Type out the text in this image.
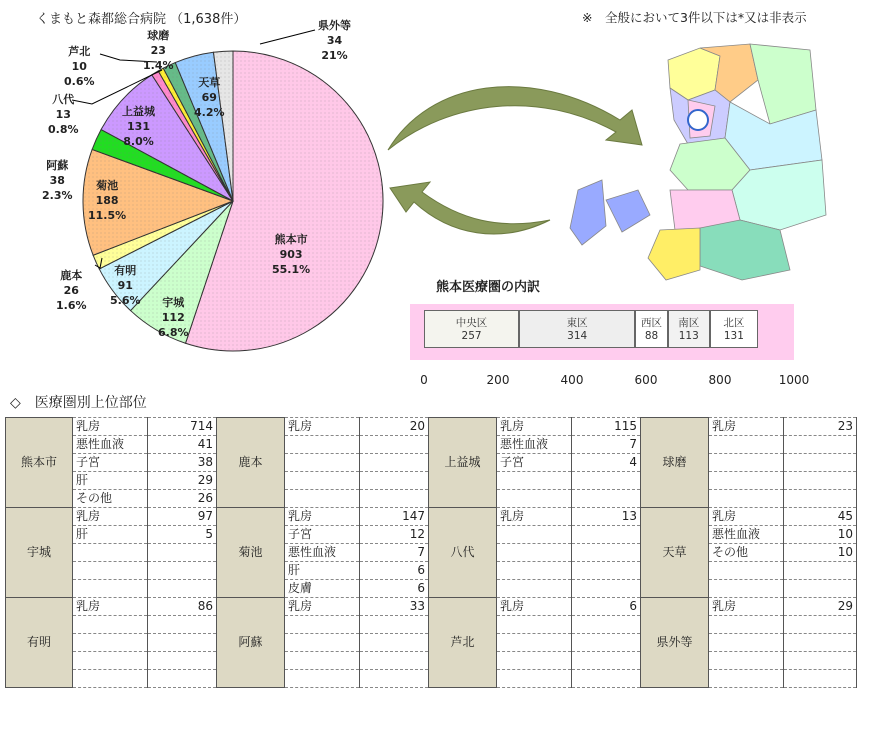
くまもと森都総合病院 （1,638件）	※　全般において3件以下は*又は非表示
熊本市
903
55.1%
宇城
112
6.8%
有明
91
5.6%
鹿本
26
1.6%
菊池
188
11.5%
阿蘇
38
2.3%
上益城
131
8.0%
八代
13
0.8%
芦北
10
0.6%
球磨
23
1.4%
天草
69
4.2%
県外等
34
21%
熊本医療圏の内訳
中央区
257
東区
314
西区
88
南区
113
北区
131
0	200	400	600	800	1000
◇　医療圏別上位部位
熊本市	乳房	714	鹿本	乳房	20	上益城	乳房	115	球磨	乳房	23
	悪性血液	41					悪性血液	7			
	子宮	38					子宮	4			
	肝	29									
	その他	26									
宇城	乳房	97	菊池	乳房	147	八代	乳房	13	天草	乳房	45
	肝	5		子宮	12					悪性血液	10
				悪性血液	7					その他	10
				肝	6						
				皮膚	6						
有明	乳房	86	阿蘇	乳房	33	芦北	乳房	6	県外等	乳房	29
